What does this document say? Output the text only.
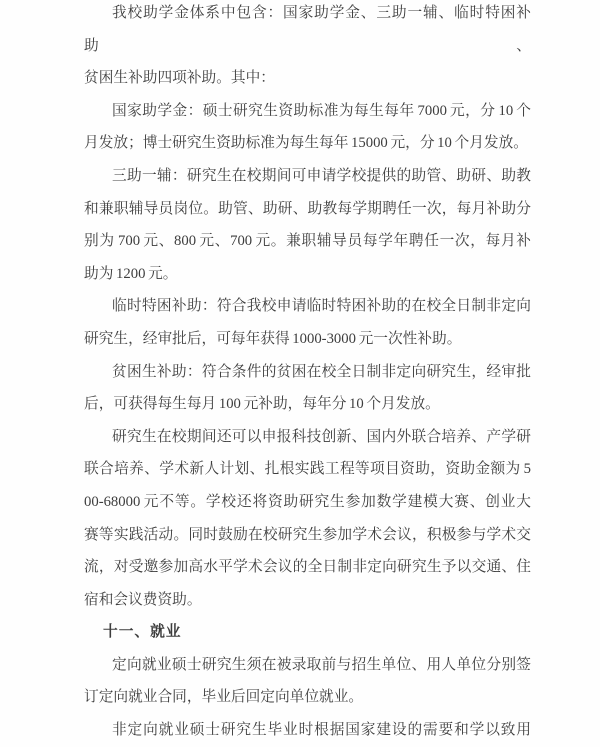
我校助学金体系中包含：国家助学金、三助一辅、临时特困补助、
贫困生补助四项补助。其中：
国家助学金：硕士研究生资助标准为每生每年 7000 元，分 10 个
月发放；博士研究生资助标准为每生每年 15000 元，分 10 个月发放。
三助一辅：研究生在校期间可申请学校提供的助管、助研、助教
和兼职辅导员岗位。助管、助研、助教每学期聘任一次，每月补助分
别为 700 元、800 元、700 元。兼职辅导员每学年聘任一次，每月补
助为 1200 元。
临时特困补助：符合我校申请临时特困补助的在校全日制非定向
研究生，经审批后，可每年获得 1000-3000 元一次性补助。
贫困生补助：符合条件的贫困在校全日制非定向研究生，经审批
后，可获得每生每月 100 元补助，每年分 10 个月发放。
研究生在校期间还可以申报科技创新、国内外联合培养、产学研
联合培养、学术新人计划、扎根实践工程等项目资助，资助金额为 5
00-68000 元不等。学校还将资助研究生参加数学建模大赛、创业大
赛等实践活动。同时鼓励在校研究生参加学术会议，积极参与学术交
流，对受邀参加高水平学术会议的全日制非定向研究生予以交通、住
宿和会议费资助。
十一、就业
定向就业硕士研究生须在被录取前与招生单位、用人单位分别签
订定向就业合同，毕业后回定向单位就业。
非定向就业硕士研究生毕业时根据国家建设的需要和学以致用
